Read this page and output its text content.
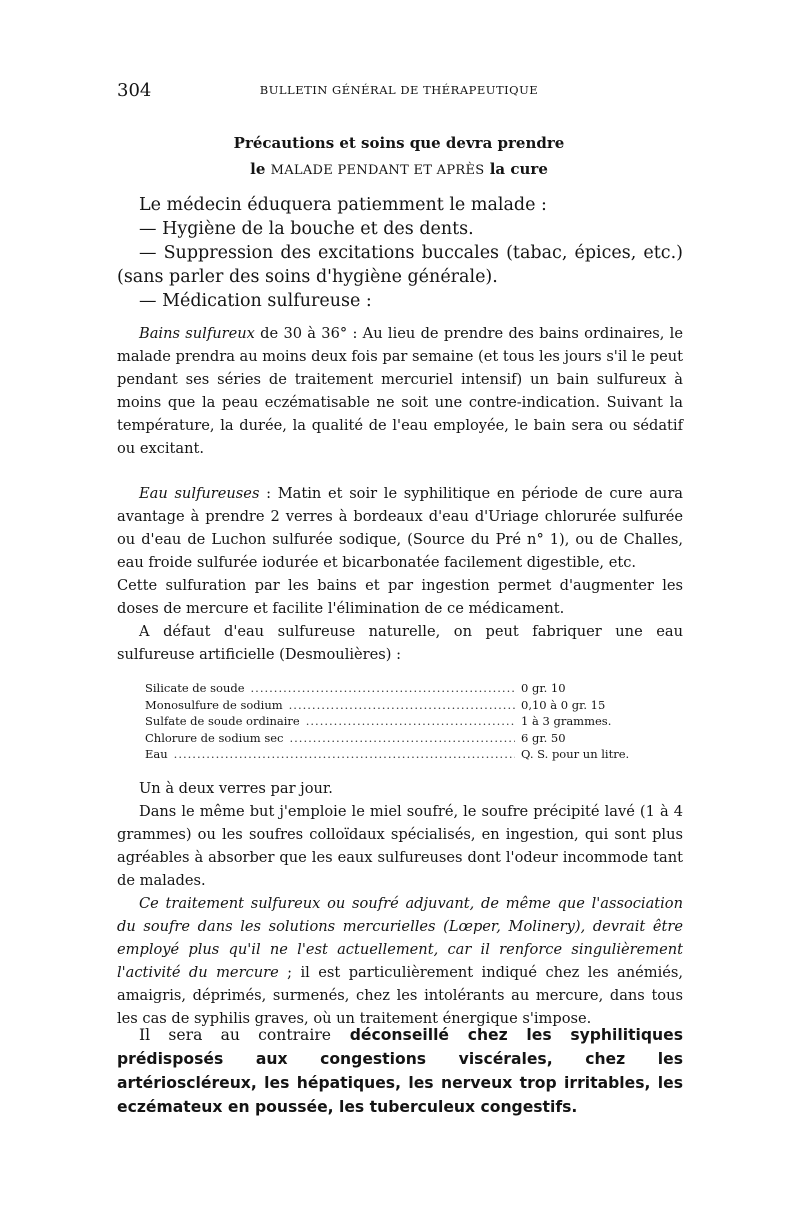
304	BULLETIN GÉNÉRAL DE THÉRAPEUTIQUE
Précautions et soins que devra prendre
le MALADE PENDANT ET APRÈS la cure

Le médecin éduquera patiemment le malade :

— Hygiène de la bouche et des dents.

— Suppression des excitations buccales (tabac, épices, etc.) (sans parler des soins d'hygiène générale).

— Médication sulfureuse :

Bains sulfureux de 30 à 36° : Au lieu de prendre des bains ordinaires, le malade prendra au moins deux fois par semaine (et tous les jours s'il le peut pendant ses séries de traitement mercuriel intensif) un bain sulfureux à moins que la peau eczématisable ne soit une contre-indication. Suivant la température, la durée, la qualité de l'eau employée, le bain sera ou sédatif ou excitant.

Eau sulfureuses : Matin et soir le syphilitique en période de cure aura avantage à prendre 2 verres à bordeaux d'eau d'Uriage chlorurée sulfurée ou d'eau de Luchon sulfurée sodique, (Source du Pré n° 1), ou de Challes, eau froide sulfurée iodurée et bicarbonatée facilement digestible, etc.

Cette sulfuration par les bains et par ingestion permet d'augmenter les doses de mercure et facilite l'élimination de ce médicament.

A défaut d'eau sulfureuse naturelle, on peut fabriquer une eau sulfureuse artificielle (Desmoulières) :

Silicate de soude .....	0 gr. 10
Monosulfure de sodium .....	0,10 à 0 gr. 15
Sulfate de soude ordinaire .....	1 à 3 grammes.
Chlorure de sodium sec .....	6 gr. 50
Eau .....	Q. S. pour un litre.

Un à deux verres par jour.

Dans le même but j'emploie le miel soufré, le soufre précipité lavé (1 à 4 grammes) ou les soufres colloïdaux spécialisés, en ingestion, qui sont plus agréables à absorber que les eaux sulfureuses dont l'odeur incommode tant de malades.

Ce traitement sulfureux ou soufré adjuvant, de même que l'association du soufre dans les solutions mercurielles (Lœper, Molinery), devrait être employé plus qu'il ne l'est actuellement, car il renforce singulièrement l'activité du mercure ; il est particulièrement indiqué chez les anémiés, amaigris, déprimés, surmenés, chez les intolérants au mercure, dans tous les cas de syphilis graves, où un traitement énergique s'impose.

Il sera au contraire déconseillé chez les syphilitiques prédisposés aux congestions viscérales, chez les artérioscléreux, les hépatiques, les nerveux trop irritables, les eczémateux en poussée, les tuberculeux congestifs.
